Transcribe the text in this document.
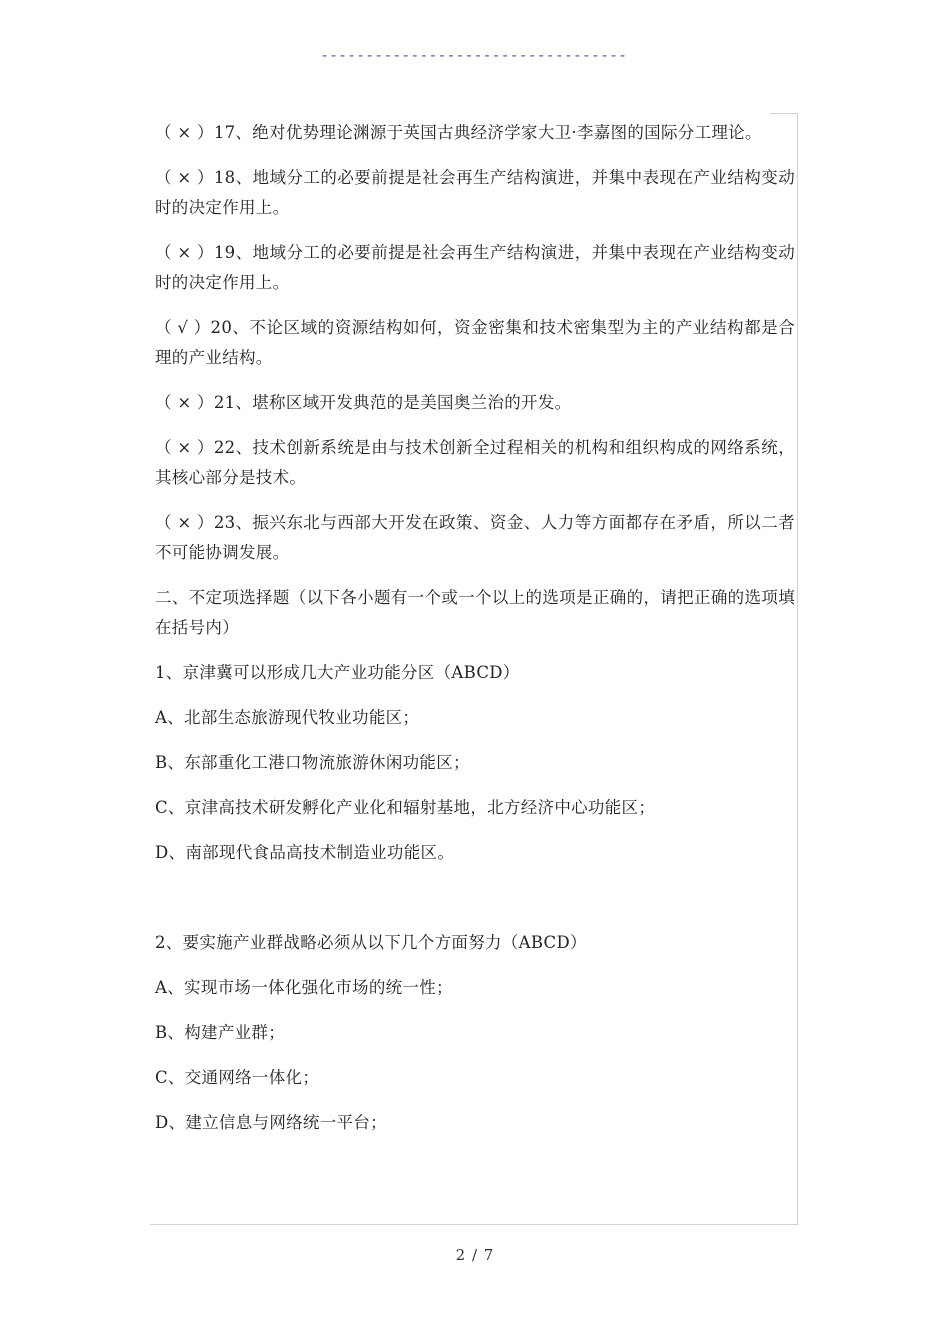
----------------------------------

（ × ）17、绝对优势理论渊源于英国古典经济学家大卫·李嘉图的国际分工理论。

（ × ）18、地域分工的必要前提是社会再生产结构演进，并集中表现在产业结构变动时的决定作用上。

（ × ）19、地域分工的必要前提是社会再生产结构演进，并集中表现在产业结构变动时的决定作用上。

（ √ ）20、不论区域的资源结构如何，资金密集和技术密集型为主的产业结构都是合理的产业结构。

（ × ）21、堪称区域开发典范的是美国奥兰治的开发。

（ × ）22、技术创新系统是由与技术创新全过程相关的机构和组织构成的网络系统，其核心部分是技术。

（ × ）23、振兴东北与西部大开发在政策、资金、人力等方面都存在矛盾，所以二者不可能协调发展。

二、不定项选择题（以下各小题有一个或一个以上的选项是正确的，请把正确的选项填在括号内）

1、京津冀可以形成几大产业功能分区（ABCD）

A、北部生态旅游现代牧业功能区；

B、东部重化工港口物流旅游休闲功能区；

C、京津高技术研发孵化产业化和辐射基地，北方经济中心功能区；

D、南部现代食品高技术制造业功能区。

2、要实施产业群战略必须从以下几个方面努力（ABCD）

A、实现市场一体化强化市场的统一性；

B、构建产业群；

C、交通网络一体化；

D、建立信息与网络统一平台；

2 / 7
